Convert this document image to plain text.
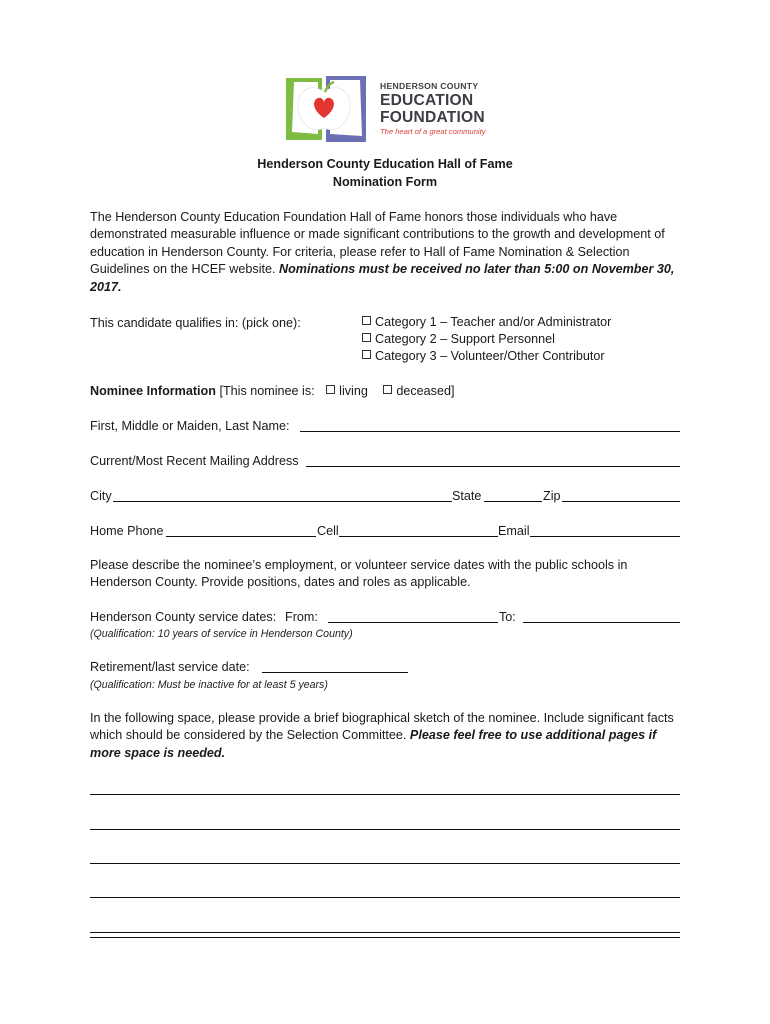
HENDERSON COUNTY
EDUCATION
FOUNDATION
The heart of a great community
Henderson County Education Hall of Fame
Nomination Form
The Henderson County Education Foundation Hall of Fame honors those individuals who have demonstrated measurable influence or made significant contributions to the growth and development of education in Henderson County. For criteria, please refer to Hall of Fame Nomination & Selection Guidelines on the HCEF website. Nominations must be received no later than 5:00 on November 30, 2017.
This candidate qualifies in: (pick one):	Category 1 – Teacher and/or Administrator
Category 2 – Support Personnel
Category 3 – Volunteer/Other Contributor
Nominee Information [This nominee is: living deceased]
First, Middle or Maiden, Last Name:
Current/Most Recent Mailing Address
City	State	Zip
Home Phone	Cell	Email
Please describe the nominee’s employment, or volunteer service dates with the public schools in Henderson County. Provide positions, dates and roles as applicable.
Henderson County service dates: From:	To:
(Qualification: 10 years of service in Henderson County)
Retirement/last service date:
(Qualification: Must be inactive for at least 5 years)
In the following space, please provide a brief biographical sketch of the nominee. Include significant facts which should be considered by the Selection Committee. Please feel free to use additional pages if more space is needed.
